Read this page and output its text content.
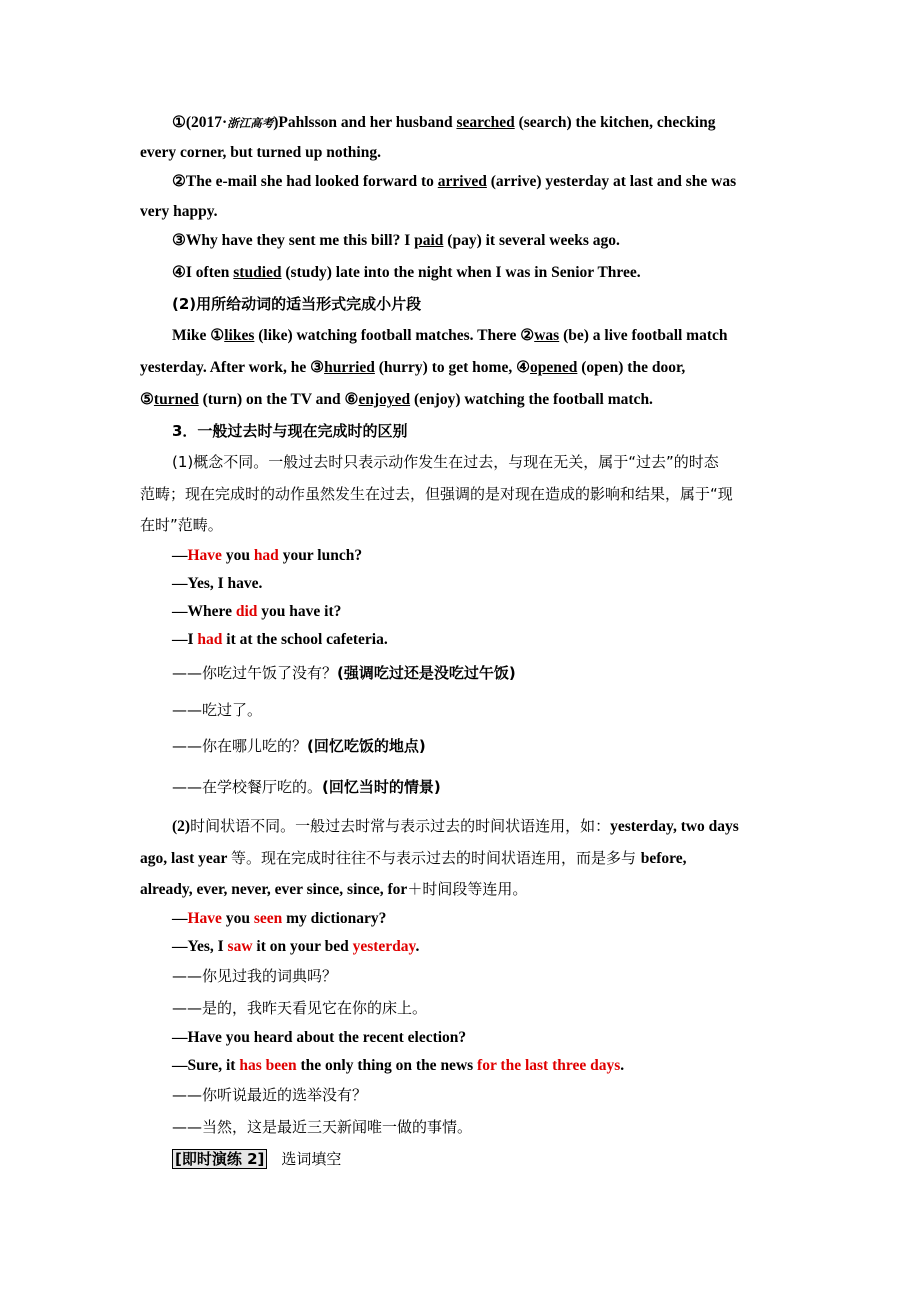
①(2017·浙江高考)Pahlsson and her husband searched (search) the kitchen, checking
every corner, but turned up nothing.
②The e-mail she had looked forward to arrived (arrive) yesterday at last and she was
very happy.
③Why have they sent me this bill? I paid (pay) it several weeks ago.
④I often studied (study) late into the night when I was in Senior Three.
(2)用所给动词的适当形式完成小片段
Mike ①likes (like) watching football matches. There ②was (be) a live football match
yesterday. After work, he ③hurried (hurry) to get home, ④opened (open) the door,
⑤turned (turn) on the TV and ⑥enjoyed (enjoy) watching the football match.
3．一般过去时与现在完成时的区别
(1)概念不同。一般过去时只表示动作发生在过去，与现在无关，属于“过去”的时态
范畴；现在完成时的动作虽然发生在过去，但强调的是对现在造成的影响和结果，属于“现
在时”范畴。
—Have you had your lunch?
—Yes, I have.
—Where did you have it?
—I had it at the school cafeteria.
——你吃过午饭了没有？(强调吃过还是没吃过午饭)
——吃过了。
——你在哪儿吃的？(回忆吃饭的地点)
——在学校餐厅吃的。(回忆当时的情景)
(2)时间状语不同。一般过去时常与表示过去的时间状语连用，如：yesterday, two days
ago, last year 等。现在完成时往往不与表示过去的时间状语连用，而是多与 before,
already, ever, never, ever since, since, for＋时间段等连用。
—Have you seen my dictionary?
—Yes, I saw it on your bed yesterday.
——你见过我的词典吗？
——是的，我昨天看见它在你的床上。
—Have you heard about the recent election?
—Sure, it has been the only thing on the news for the last three days.
——你听说最近的选举没有？
——当然，这是最近三天新闻唯一做的事情。
[即时演练 2] 选词填空
